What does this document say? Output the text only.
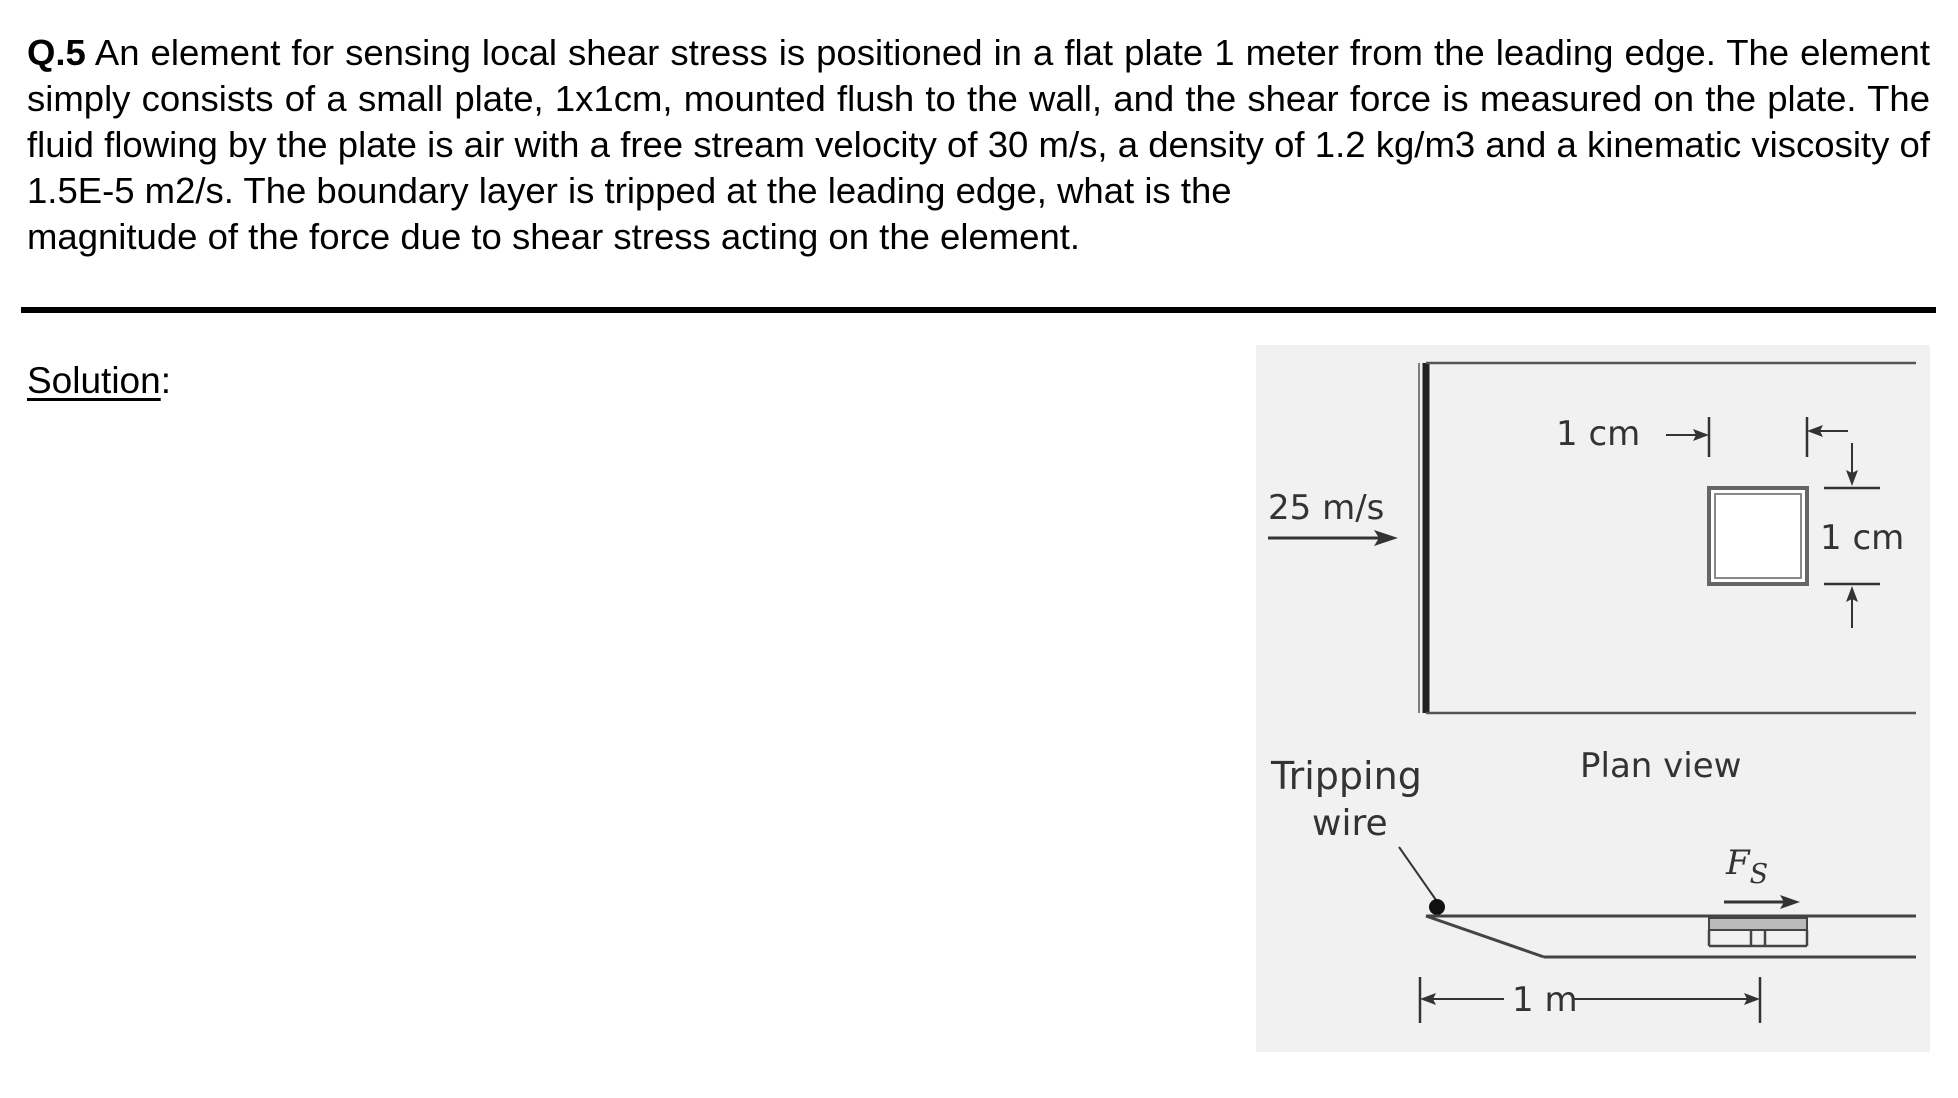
Q.5 An element for sensing local shear stress is positioned in a flat plate 1 meter from the leading edge. The element simply consists of a small plate, 1x1cm, mounted flush to the wall, and the shear force is measured on the plate. The fluid flowing by the plate is air with a free stream velocity of 30 m/s, a density of 1.2 kg/m3 and a kinematic viscosity of 1.5E-5 m2/s. The boundary layer is tripped at the leading edge, what is the
magnitude of the force due to shear stress acting on the element.

Solution:
25 m/s
1 cm
1 cm
Plan view
Tripping
wire
$F_S$
1 m
